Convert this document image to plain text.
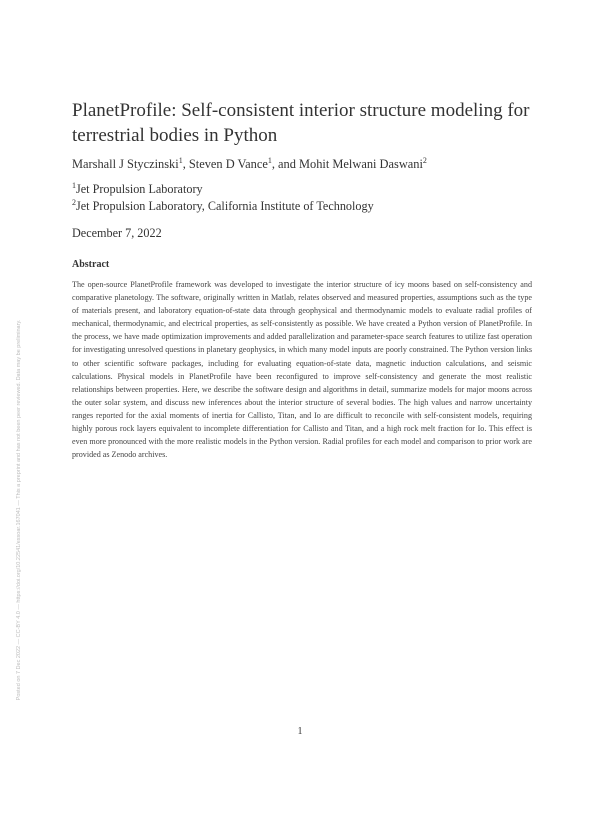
PlanetProfile: Self-consistent interior structure modeling for terrestrial bodies in Python
Marshall J Styczinski$^1$, Steven D Vance$^1$, and Mohit Melwani Daswani$^2$
$^1$Jet Propulsion Laboratory
$^2$Jet Propulsion Laboratory, California Institute of Technology
December 7, 2022
Abstract

The open-source PlanetProfile framework was developed to investigate the interior structure of icy moons based on self-consistency and comparative planetology. The software, originally written in Matlab, relates observed and measured properties, assumptions such as the type of materials present, and laboratory equation-of-state data through geophysical and thermodynamic models to evaluate radial profiles of mechanical, thermodynamic, and electrical properties, as self-consistently as possible. We have created a Python version of PlanetProfile. In the process, we have made optimization improvements and added parallelization and parameter-space search features to utilize fast operation for investigating unresolved questions in planetary geophysics, in which many model inputs are poorly constrained. The Python version links to other scientific software packages, including for evaluating equation-of-state data, magnetic induction calculations, and seismic calculations. Physical models in PlanetProfile have been reconfigured to improve self-consistency and generate the most realistic relationships between properties. Here, we describe the software design and algorithms in detail, summarize models for major moons across the outer solar system, and discuss new inferences about the interior structure of several bodies. The high values and narrow uncertainty ranges reported for the axial moments of inertia for Callisto, Titan, and Io are difficult to reconcile with self-consistent models, requiring highly porous rock layers equivalent to incomplete differentiation for Callisto and Titan, and a high rock melt fraction for Io. This effect is even more pronounced with the more realistic models in the Python version. Radial profiles for each model and comparison to prior work are provided as Zenodo archives.

1
Posted on 7 Dec 2022 — CC-BY 4.0 — https://doi.org/10.22541/essoar.167041 — This a preprint and has not been peer reviewed. Data may be preliminary.
